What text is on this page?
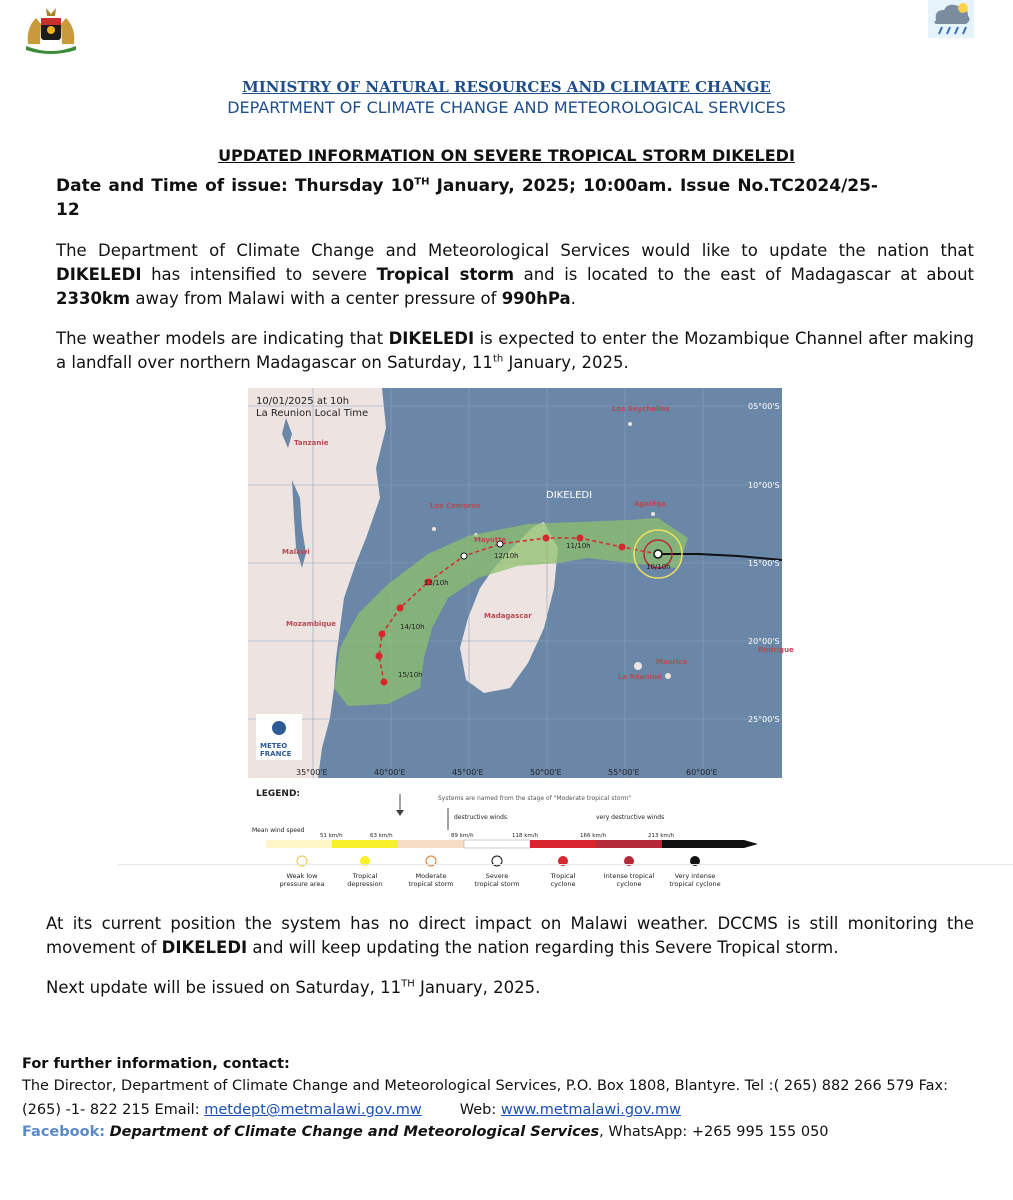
MINISTRY OF NATURAL RESOURCES AND CLIMATE CHANGE
DEPARTMENT OF CLIMATE CHANGE AND METEOROLOGICAL SERVICES
UPDATED INFORMATION ON SEVERE TROPICAL STORM DIKELEDI
Date and Time of issue: Thursday 10TH January, 2025; 10:00am. Issue No.TC2024/25-12
The Department of Climate Change and Meteorological Services would like to update the nation that DIKELEDI has intensified to severe Tropical storm and is located to the east of Madagascar at about 2330km away from Malawi with a center pressure of 990hPa.
The weather models are indicating that DIKELEDI is expected to enter the Mozambique Channel after making a landfall over northern Madagascar on Saturday, 11th January, 2025.
10/01/2025 at 10h
La Reunion Local Time
DIKELEDI
Tanzanie
Malawi
Mozambique
Los Comores
Mayotte
Madagascar
Los Seychelles
Agaléga
Maurice
La Réunion
Rodrigue
10/10h
11/10h
12/10h
13/10h
14/10h
15/10h
05°00'S
10°00'S
15°00'S
20°00'S
25°00'S
35°00'E	40°00'E	45°00'E	50°00'E	55°00'E	60°00'E
METEO
FRANCE
LEGEND:	Systems are named from the stage of "Moderate tropical storm"
destructive winds	very destructive winds
Mean wind speed
51 km/h	63 km/h	89 km/h	118 km/h	166 km/h	213 km/h
Weak low
pressure area
Tropical
depression
Moderate
tropical storm
Severe
tropical storm
Tropical
cyclone
Intense tropical
cyclone
Very intense
tropical cyclone
At its current position the system has no direct impact on Malawi weather. DCCMS is still monitoring the movement of DIKELEDI and will keep updating the nation regarding this Severe Tropical storm.
Next update will be issued on Saturday, 11TH January, 2025.
For further information, contact:
The Director, Department of Climate Change and Meteorological Services, P.O. Box 1808, Blantyre. Tel :( 265) 882 266 579 Fax: (265) -1- 822 215 Email: metdept@metmalawi.gov.mw	Web: www.metmalawi.gov.mw
Facebook: Department of Climate Change and Meteorological Services, WhatsApp: +265 995 155 050
